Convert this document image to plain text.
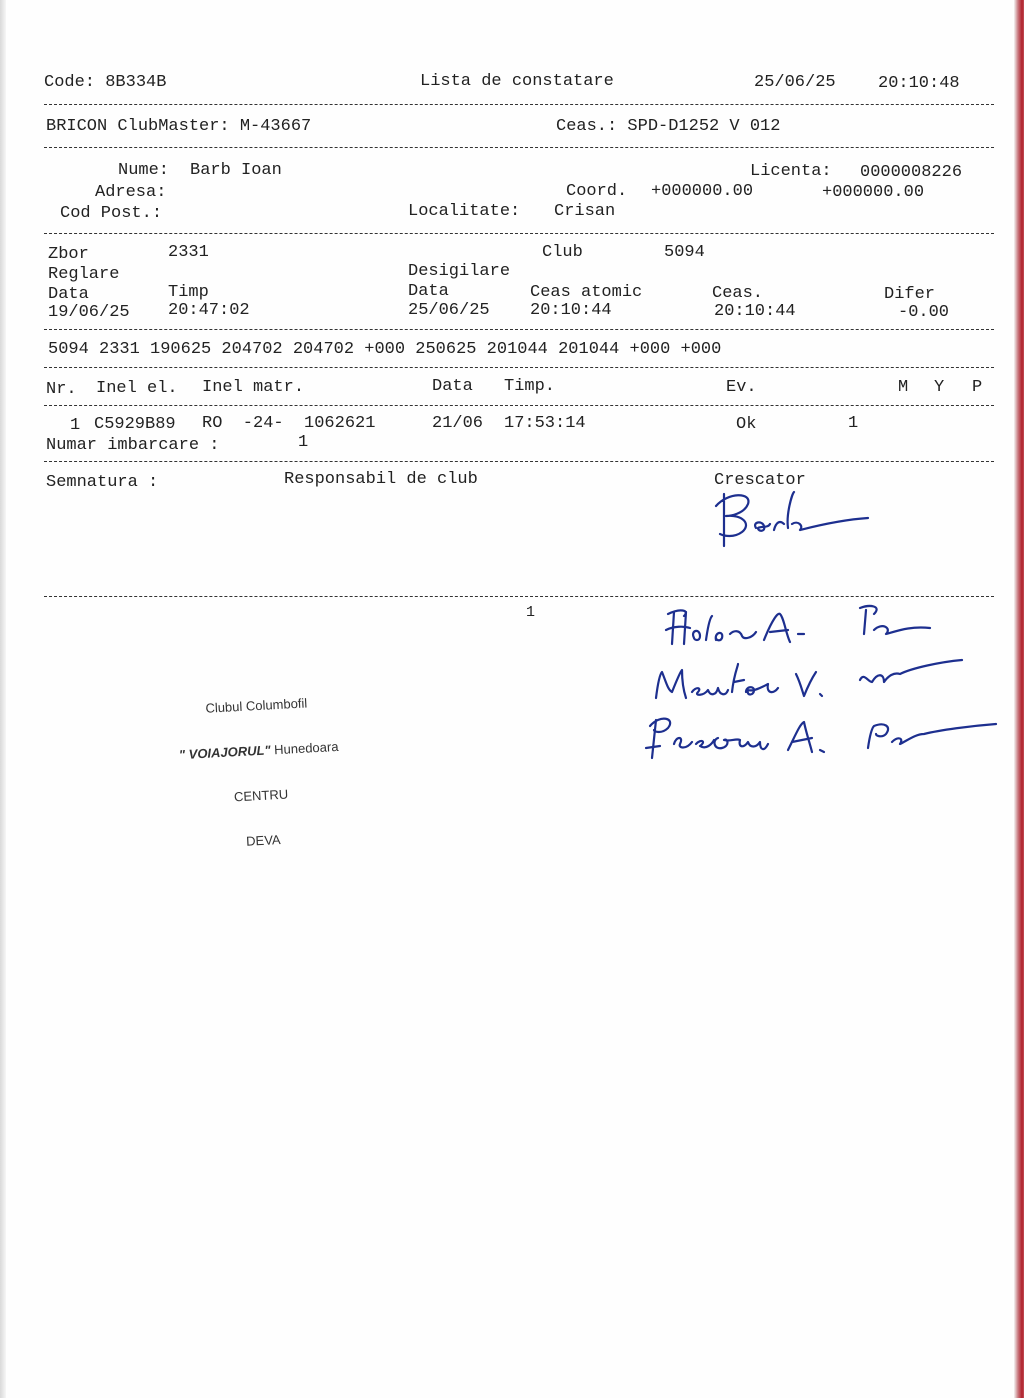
Code: 8B334B	Lista de constatare	25/06/25 20:10:48
BRICON ClubMaster: M-43667	Ceas.: SPD-D1252 V 012
Nume: Barb Ioan	Licenta: 0000008226
Adresa:	Coord. +000000.00	+000000.00
Cod Post.:	Localitate: Crisan
Zbor	2331	Club	5094
Reglare	Desigilare
Data	Timp	Data	Ceas atomic	Ceas.	Difer
19/06/25 20:47:02	25/06/25 20:10:44	20:10:44	-0.00
5094 2331 190625 204702 204702 +000 250625 201044 201044 +000 +000
Nr. Inel el. Inel matr.	Data Timp.	Ev.	M Y P
1 C5929B89 RO  -24-  1062621	21/06 17:53:14	Ok	1
Numar imbarcare :	1
Semnatura :	Responsabil de club	Crescator
1

Clubul Columbofil

" VOIAJORUL" Hunedoara

CENTRU

DEVA
